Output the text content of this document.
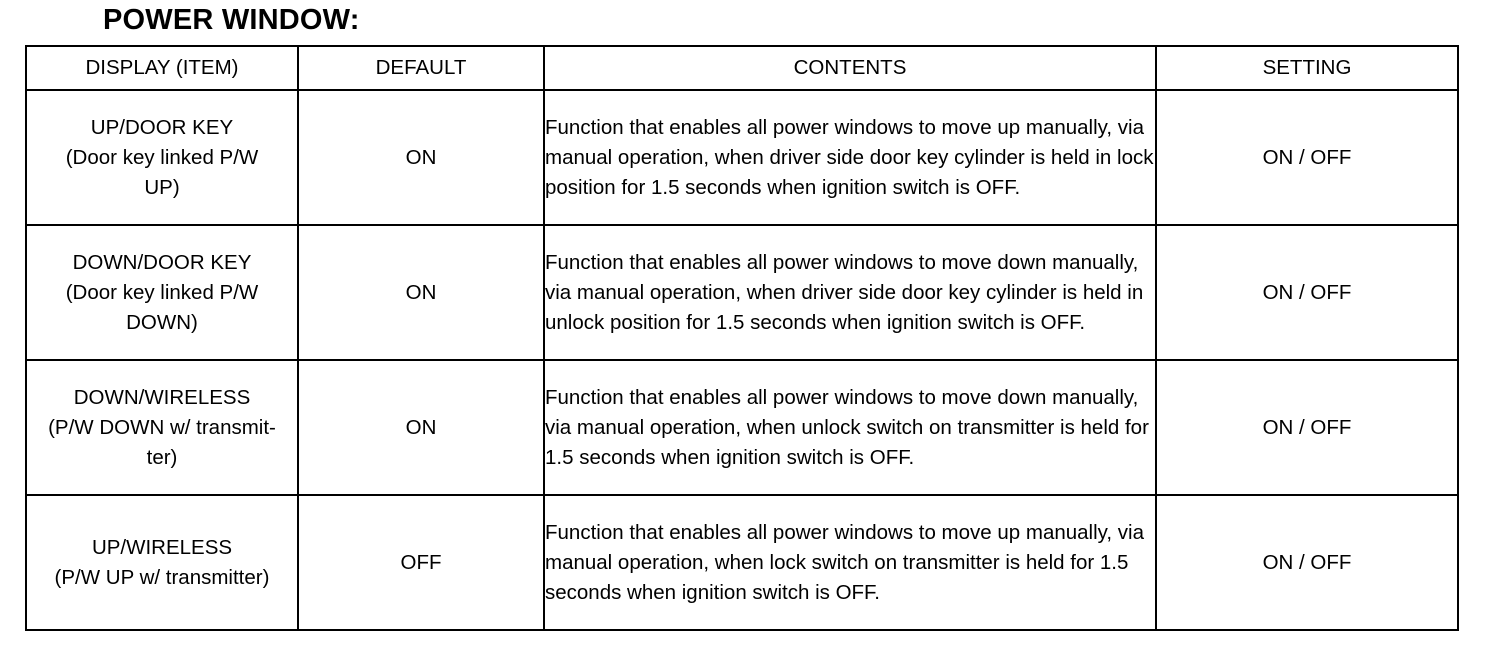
POWER WINDOW:
DISPLAY (ITEM)	DEFAULT	CONTENTS	SETTING

UP/DOOR KEY
(Door key linked P/W
UP)	ON	Function that enables all power windows to move up manually, via manual operation, when driver side door key cylinder is held in lock position for 1.5 seconds when ignition switch is OFF.	ON / OFF

DOWN/DOOR KEY
(Door key linked P/W
DOWN)	ON	Function that enables all power windows to move down manually, via manual operation, when driver side door key cylinder is held in unlock position for 1.5 seconds when ignition switch is OFF.	ON / OFF

DOWN/WIRELESS
(P/W DOWN w/ transmit-
ter)	ON	Function that enables all power windows to move down manually, via manual operation, when unlock switch on transmitter is held for 1.5 seconds when ignition switch is OFF.	ON / OFF

UP/WIRELESS
(P/W UP w/ transmitter)	OFF	Function that enables all power windows to move up manually, via manual operation, when lock switch on transmitter is held for 1.5 seconds when ignition switch is OFF.	ON / OFF
